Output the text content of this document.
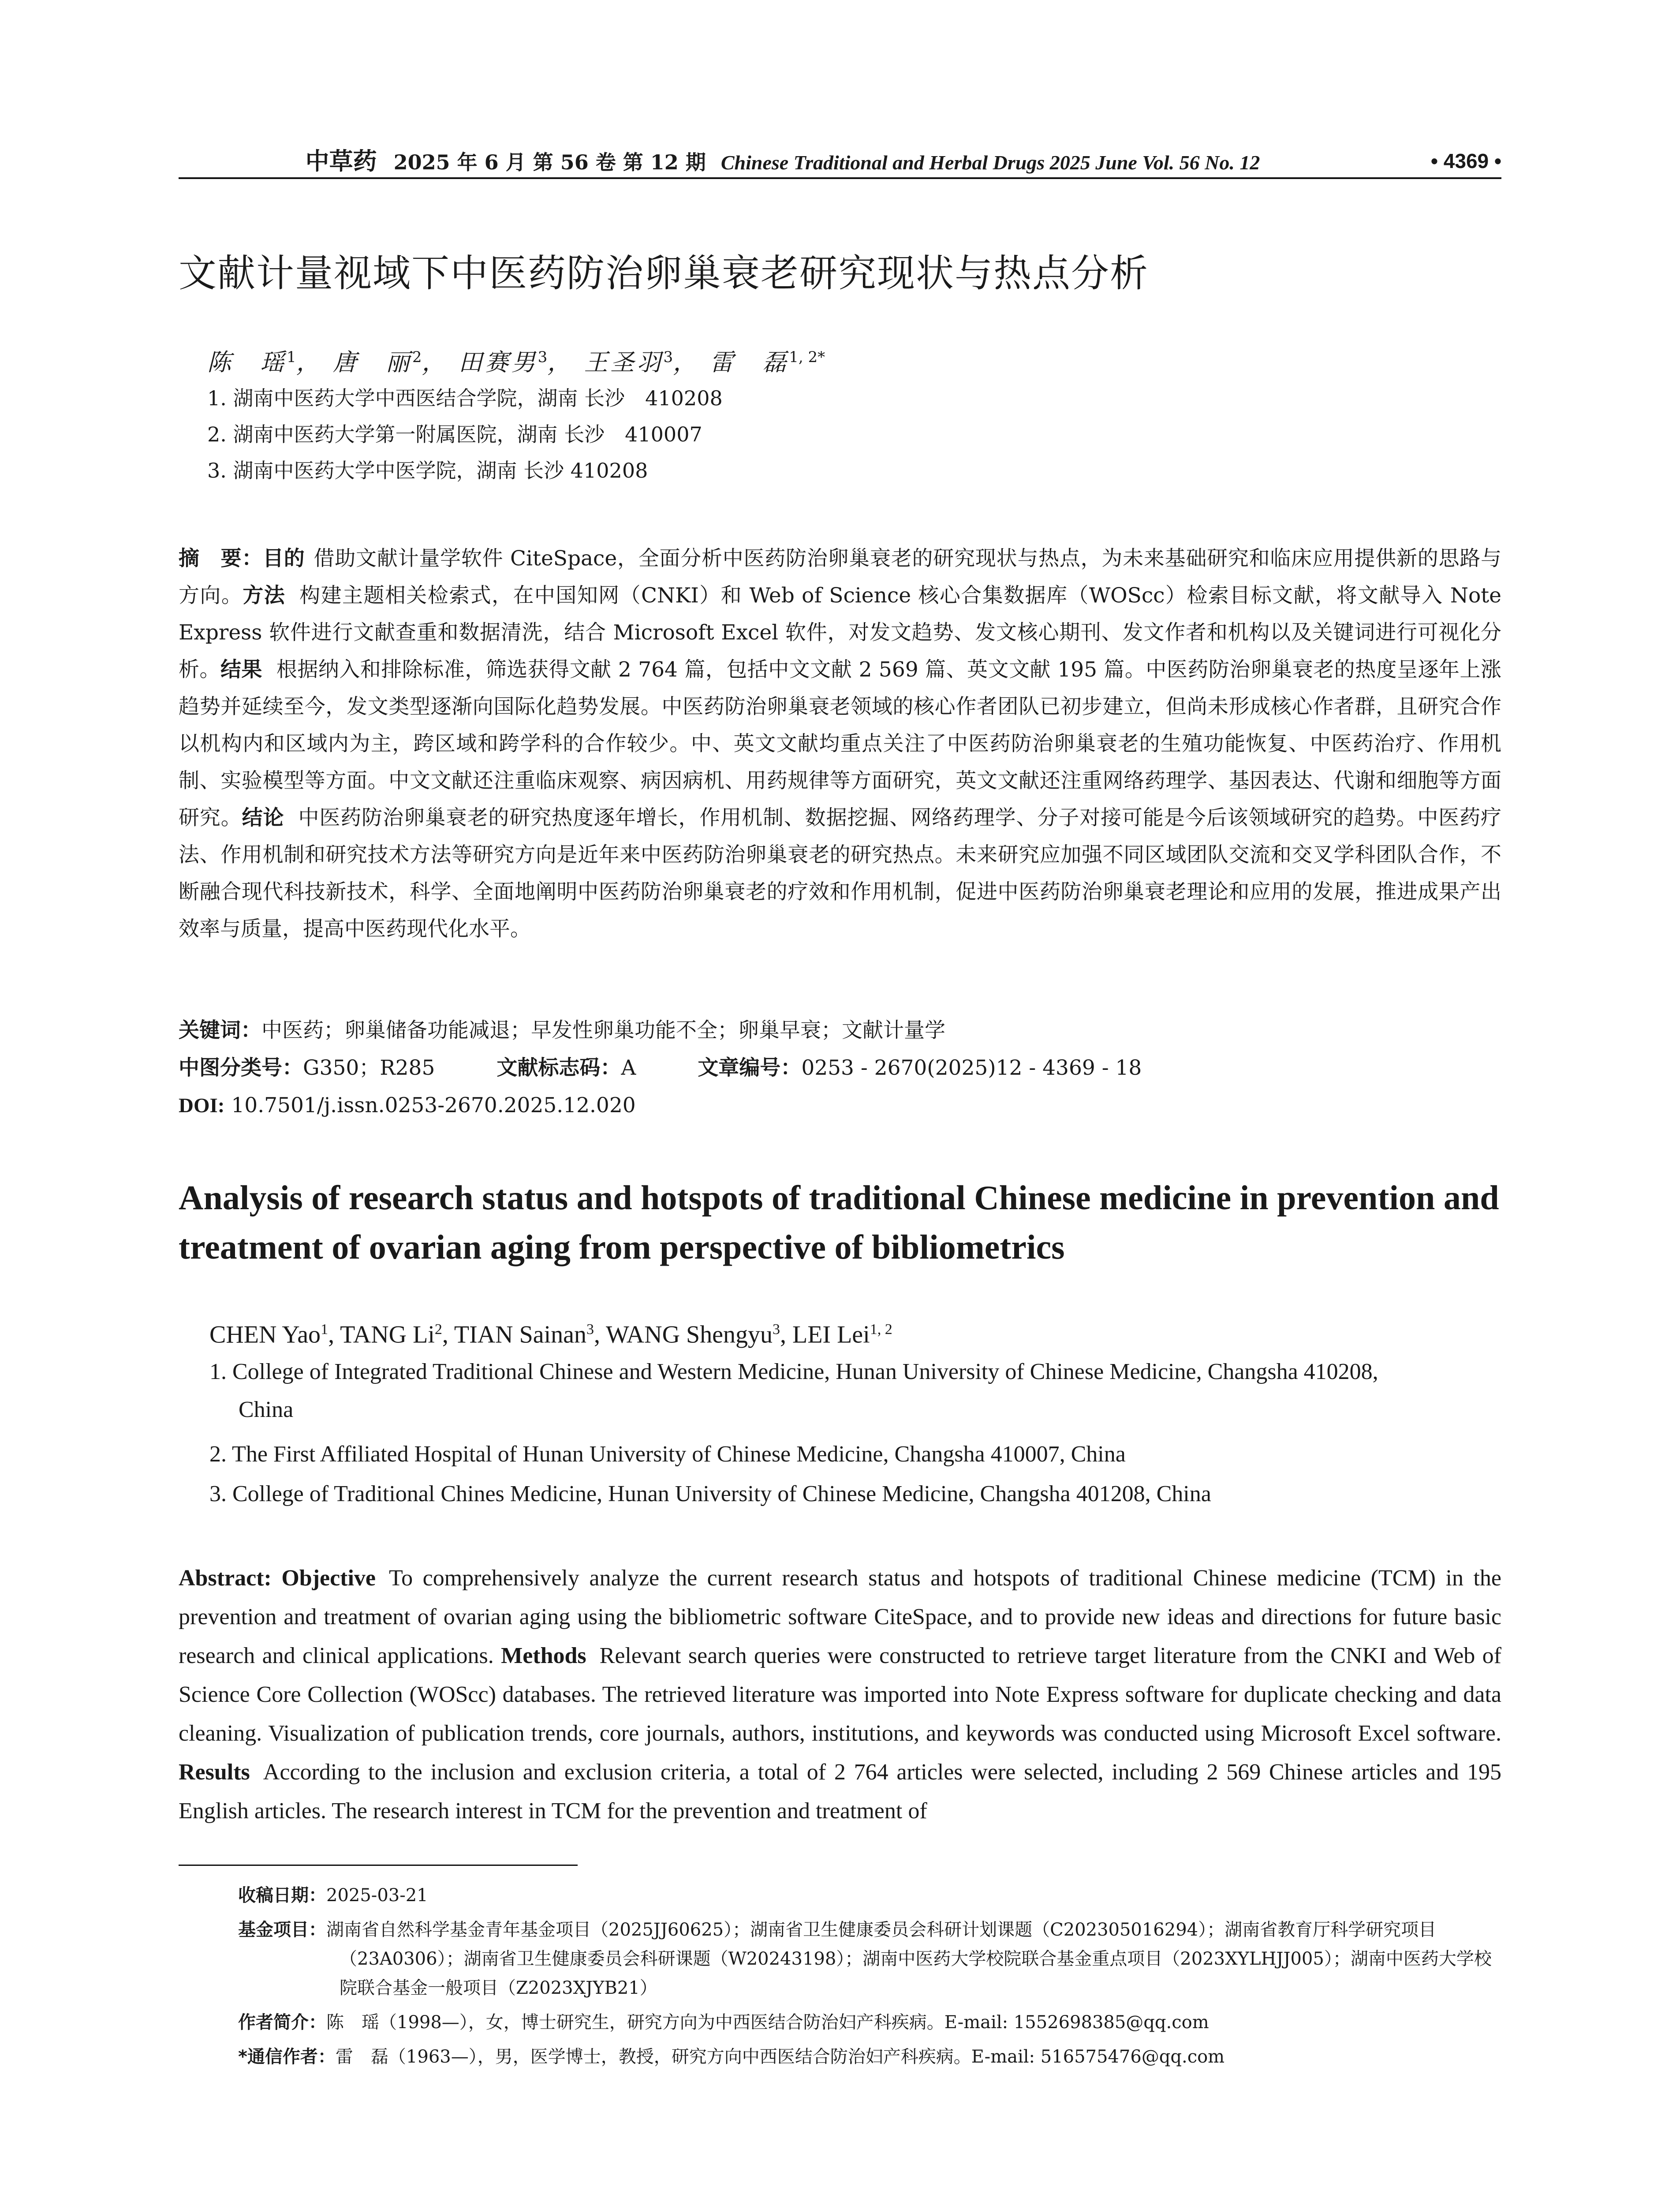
中草药 2025 年 6 月 第 56 卷 第 12 期 Chinese Traditional and Herbal Drugs 2025 June Vol. 56 No. 12	• 4369 •
文献计量视域下中医药防治卵巢衰老研究现状与热点分析
陈　瑶$^1$， 唐　丽$^2$， 田赛男$^3$， 王圣羽$^3$， 雷　磊$^{1, 2*}$
1. 湖南中医药大学中西医结合学院，湖南 长沙　410208
2. 湖南中医药大学第一附属医院，湖南 长沙　410007
3. 湖南中医药大学中医学院，湖南 长沙 410208
摘　要：目的 借助文献计量学软件 CiteSpace，全面分析中医药防治卵巢衰老的研究现状与热点，为未来基础研究和临床应用提供新的思路与方向。方法 构建主题相关检索式，在中国知网（CNKI）和 Web of Science 核心合集数据库（WOScc）检索目标文献，将文献导入 Note Express 软件进行文献查重和数据清洗，结合 Microsoft Excel 软件，对发文趋势、发文核心期刊、发文作者和机构以及关键词进行可视化分析。结果 根据纳入和排除标准，筛选获得文献 2 764 篇，包括中文文献 2 569 篇、英文文献 195 篇。中医药防治卵巢衰老的热度呈逐年上涨趋势并延续至今，发文类型逐渐向国际化趋势发展。中医药防治卵巢衰老领域的核心作者团队已初步建立，但尚未形成核心作者群，且研究合作以机构内和区域内为主，跨区域和跨学科的合作较少。中、英文文献均重点关注了中医药防治卵巢衰老的生殖功能恢复、中医药治疗、作用机制、实验模型等方面。中文文献还注重临床观察、病因病机、用药规律等方面研究，英文文献还注重网络药理学、基因表达、代谢和细胞等方面研究。结论 中医药防治卵巢衰老的研究热度逐年增长，作用机制、数据挖掘、网络药理学、分子对接可能是今后该领域研究的趋势。中医药疗法、作用机制和研究技术方法等研究方向是近年来中医药防治卵巢衰老的研究热点。未来研究应加强不同区域团队交流和交叉学科团队合作，不断融合现代科技新技术，科学、全面地阐明中医药防治卵巢衰老的疗效和作用机制，促进中医药防治卵巢衰老理论和应用的发展，推进成果产出效率与质量，提高中医药现代化水平。
关键词：中医药；卵巢储备功能减退；早发性卵巢功能不全；卵巢早衰；文献计量学
中图分类号：G350；R285	文献标志码：A	文章编号：0253 - 2670(2025)12 - 4369 - 18
DOI: 10.7501/j.issn.0253-2670.2025.12.020
Analysis of research status and hotspots of traditional Chinese medicine in prevention and treatment of ovarian aging from perspective of bibliometrics
CHEN Yao$^1$, TANG Li$^2$, TIAN Sainan$^3$, WANG Shengyu$^3$, LEI Lei$^{1, 2}$
1. College of Integrated Traditional Chinese and Western Medicine, Hunan University of Chinese Medicine, Changsha 410208,
China
2. The First Affiliated Hospital of Hunan University of Chinese Medicine, Changsha 410007, China
3. College of Traditional Chines Medicine, Hunan University of Chinese Medicine, Changsha 401208, China
Abstract: Objective To comprehensively analyze the current research status and hotspots of traditional Chinese medicine (TCM) in the prevention and treatment of ovarian aging using the bibliometric software CiteSpace, and to provide new ideas and directions for future basic research and clinical applications. Methods Relevant search queries were constructed to retrieve target literature from the CNKI and Web of Science Core Collection (WOScc) databases. The retrieved literature was imported into Note Express software for duplicate checking and data cleaning. Visualization of publication trends, core journals, authors, institutions, and keywords was conducted using Microsoft Excel software. Results According to the inclusion and exclusion criteria, a total of 2 764 articles were selected, including 2 569 Chinese articles and 195 English articles. The research interest in TCM for the prevention and treatment of
收稿日期：2025-03-21
基金项目：湖南省自然科学基金青年基金项目（2025JJ60625）；湖南省卫生健康委员会科研计划课题（C202305016294）；湖南省教育厅科学研究项目（23A0306）；湖南省卫生健康委员会科研课题（W20243198）；湖南中医药大学校院联合基金重点项目（2023XYLHJJ005）；湖南中医药大学校院联合基金一般项目（Z2023XJYB21）
作者简介：陈　瑶（1998—），女，博士研究生，研究方向为中西医结合防治妇产科疾病。E-mail: 1552698385@qq.com
*通信作者：雷　磊（1963—），男，医学博士，教授，研究方向中西医结合防治妇产科疾病。E-mail: 516575476@qq.com
